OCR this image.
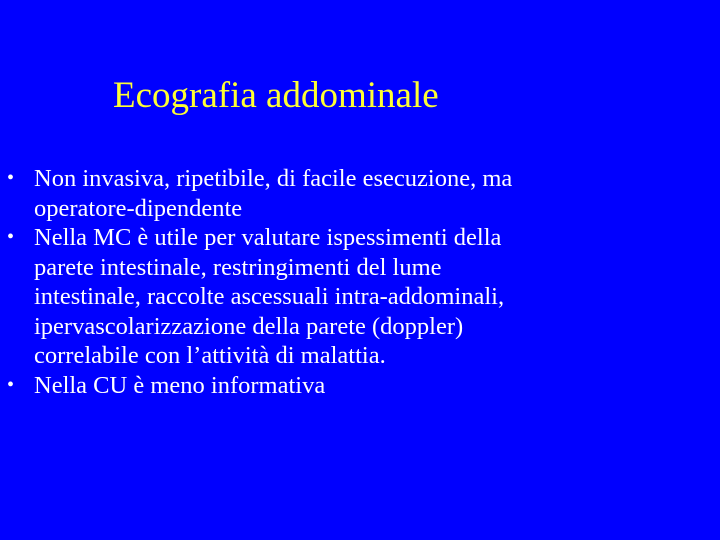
Ecografia addominale
• Non invasiva, ripetibile, di facile esecuzione, ma
operatore-dipendente
• Nella MC è utile per valutare ispessimenti della
parete intestinale, restringimenti del lume
intestinale, raccolte ascessuali intra-addominali,
ipervascolarizzazione della parete (doppler)
correlabile con l’attività di malattia.
• Nella CU è meno informativa
